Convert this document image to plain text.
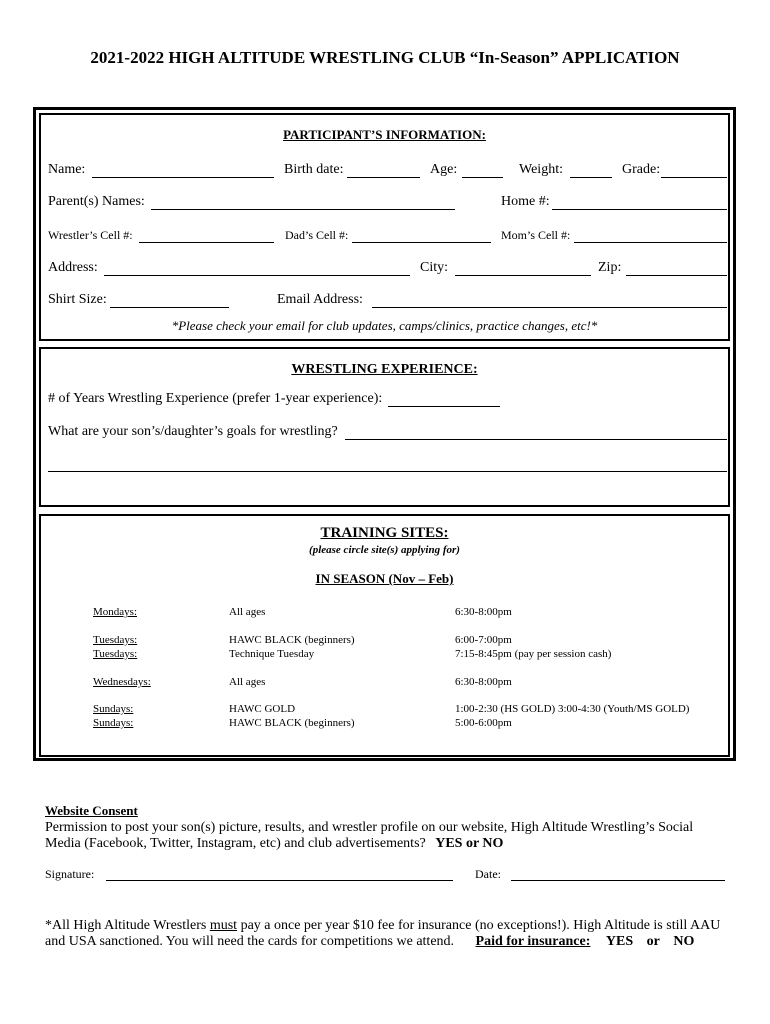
2021-2022 HIGH ALTITUDE WRESTLING CLUB “In-Season” APPLICATION
PARTICIPANT’S INFORMATION:
Name:	Birth date:	Age:	Weight:	Grade:
Parent(s) Names:	Home #:
Wrestler’s Cell #:	Dad’s Cell #:	Mom’s Cell #:
Address:	City:	Zip:
Shirt Size:	Email Address:
*Please check your email for club updates, camps/clinics, practice changes, etc!*
WRESTLING EXPERIENCE:
# of Years Wrestling Experience (prefer 1-year experience):
What are your son’s/daughter’s goals for wrestling?
TRAINING SITES:
(please circle site(s) applying for)
IN SEASON (Nov – Feb)
Mondays:	All ages	6:30-8:00pm
Tuesdays:	HAWC BLACK (beginners)	6:00-7:00pm
Tuesdays:	Technique Tuesday	7:15-8:45pm (pay per session cash)
Wednesdays:	All ages	6:30-8:00pm
Sundays:	HAWC GOLD	1:00-2:30 (HS GOLD) 3:00-4:30 (Youth/MS GOLD)
Sundays:	HAWC BLACK (beginners)	5:00-6:00pm
Website Consent
Permission to post your son(s) picture, results, and wrestler profile on our website, High Altitude Wrestling’s Social
Media (Facebook, Twitter, Instagram, etc) and club advertisements? YES or NO
Signature:	Date:
*All High Altitude Wrestlers must pay a once per year $10 fee for insurance (no exceptions!). High Altitude is still AAU
and USA sanctioned. You will need the cards for competitions we attend. Paid for insurance: YES or NO
